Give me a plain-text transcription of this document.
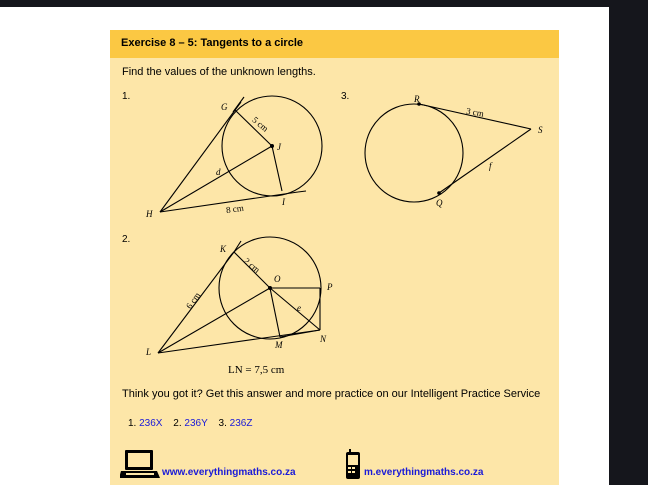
Exercise 8 – 5: Tangents to a circle
Find the values of the unknown lengths.
1.	3.
2.
G
J
H
I
d
5 cm
8 cm
R
S
Q
f
3 cm
K
O
P
L
M
N
e
2 cm
6 cm
LN = 7,5 cm
Think you got it? Get this answer and more practice on our Intelligent Practice Service
1. 236X 2. 236Y 3. 236Z
www.everythingmaths.co.za	m.everythingmaths.co.za
